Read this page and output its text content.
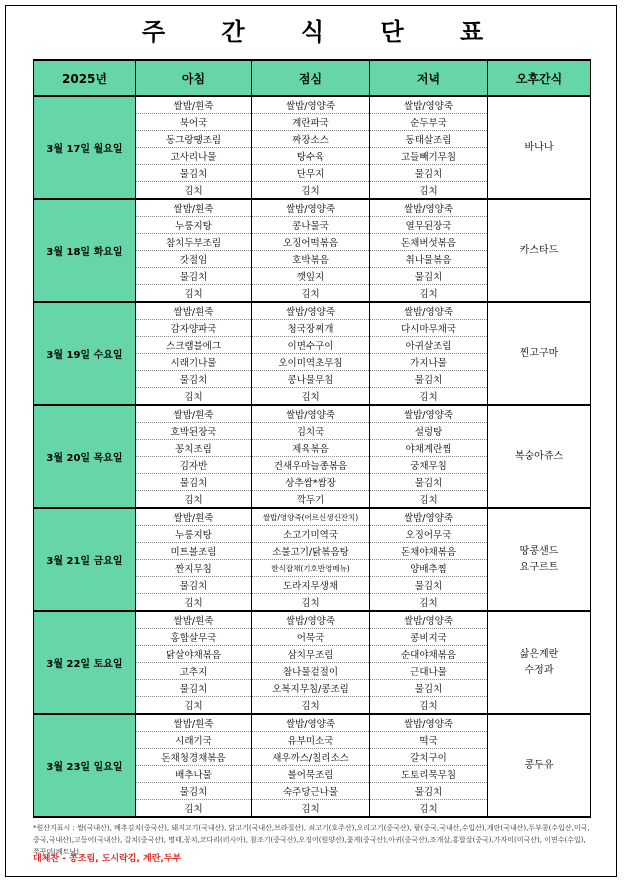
주 간 식 단 표
2025년	아침	점심	저녁	오후간식
3월 17일 월요일	쌀밥/흰죽	쌀밥/영양죽	쌀밥/영양죽	바나나

	북어국	계란파국	순두부국	
	동그랑땡조림	짜장소스	동태살조림	
	고사리나물	탕수육	고들빼기무침	
	물김치	단무지	물김치	
	김치	김치	김치	
3월 18일 화요일	쌀밥/흰죽	쌀밥/영양죽	쌀밥/영양죽	카스타드

	누룽지탕	콩나물국	열무된장국	
	참치두부조림	오징어떡볶음	돈채버섯볶음	
	갓절임	호박볶음	취나물볶음	
	물김치	깻잎지	물김치	
	김치	김치	김치	
3월 19일 수요일	쌀밥/흰죽	쌀밥/영양죽	쌀밥/영양죽	찐고구마

	감자양파국	청국장찌개	다시마무채국	
	스크램블에그	이면수구이	아귀살조림	
	시래기나물	오이미역초무침	가지나물	
	물김치	콩나물무침	물김치	
	김치	김치	김치	
3월 20일 목요일	쌀밥/흰죽	쌀밥/영양죽	쌀밥/영양죽	복숭아쥬스

	호박된장국	김치국	설렁탕	
	꽁치조림	제육볶음	야채계란찜	
	김자반	건새우마늘종볶음	궁채무침	
	물김치	상추쌈*쌈장	물김치	
	김치	깍두기	김치	
3월 21일 금요일	쌀밥/흰죽	쌀밥/영양죽(어르신생신잔치)	쌀밥/영양죽	땅콩샌드
요구르트

	누룽지탕	소고기미역국	오징어무국	
	미트볼조림	소불고기/닭볶음탕	돈채야채볶음	
	짠지무침	한식잡채(기호반영메뉴)	양배추찜	
	물김치	도라지무생채	물김치	
	김치	김치	김치	
3월 22일 토요일	쌀밥/흰죽	쌀밥/영양죽	쌀밥/영양죽	삶은계란
수정과

	홍합살무국	어묵국	콩비지국	
	닭살야채볶음	삼치무조림	순대야채볶음	
	고추지	참나물겉절이	근대나물	
	물김치	오복지무침/콩조림	물김치	
	김치	김치	김치	
3월 23일 일요일	쌀밥/흰죽	쌀밥/영양죽	쌀밥/영양죽	콩두유

	시래기국	유부미소국	떡국	
	돈채청경채볶음	새우까스/칠리소스	갈치구이	
	배추나물	볼어묵조림	도토리묵무침	
	물김치	숙주당근나물	물김치	
	김치	김치	김치	
*원산지표시 : 쌀(국내산), 배추김치(중국산), 돼지고기(국내산), 닭고기(국내산,브라질산), 쇠고기(호주산),오리고기(중국산), 팥(중국,국내산,수입산),계란(국내산),두부콩(수입산,미국,중국,국내산),고등어(국내산), 갈치(중국산), 명태,꽁치,코다리(러시아), 참조기(중국산),오징어(원양산),꽃게(중국산),아귀(중국산),조개살,홍합살(중국),가자미(미국산), 이면수(수입),쭈꾸미(베트남)
대체찬 - 콩조림, 도시락김, 계란,두부
